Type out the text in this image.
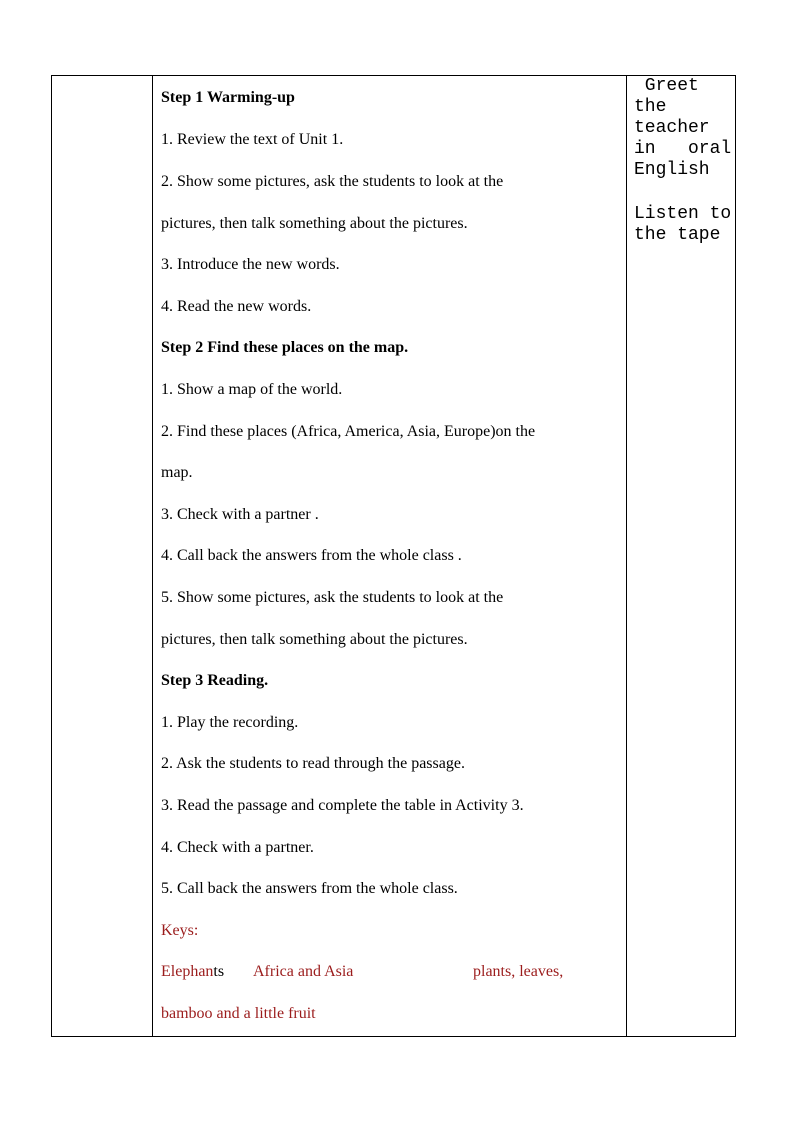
Step 1 Warming-up
1. Review the text of Unit 1.
2. Show some pictures, ask the students to look at the
pictures, then talk something about the pictures.
3. Introduce the new words.
4. Read the new words.
Step 2 Find these places on the map.
1. Show a map of the world.
2. Find these places (Africa, America, Asia, Europe)on the
map.
3. Check with a partner .
4. Call back the answers from the whole class .
5. Show some pictures, ask the students to look at the
pictures, then talk something about the pictures.
Step 3 Reading.
1. Play the recording.
2. Ask the students to read through the passage.
3. Read the passage and complete the table in Activity 3.
4. Check with a partner.
5. Call back the answers from the whole class.
Keys:
Elephants Africa and Asia	plants, leaves,
bamboo and a little fruit
Greet
the
teacher
in   oral
English
Listen to
the tape
